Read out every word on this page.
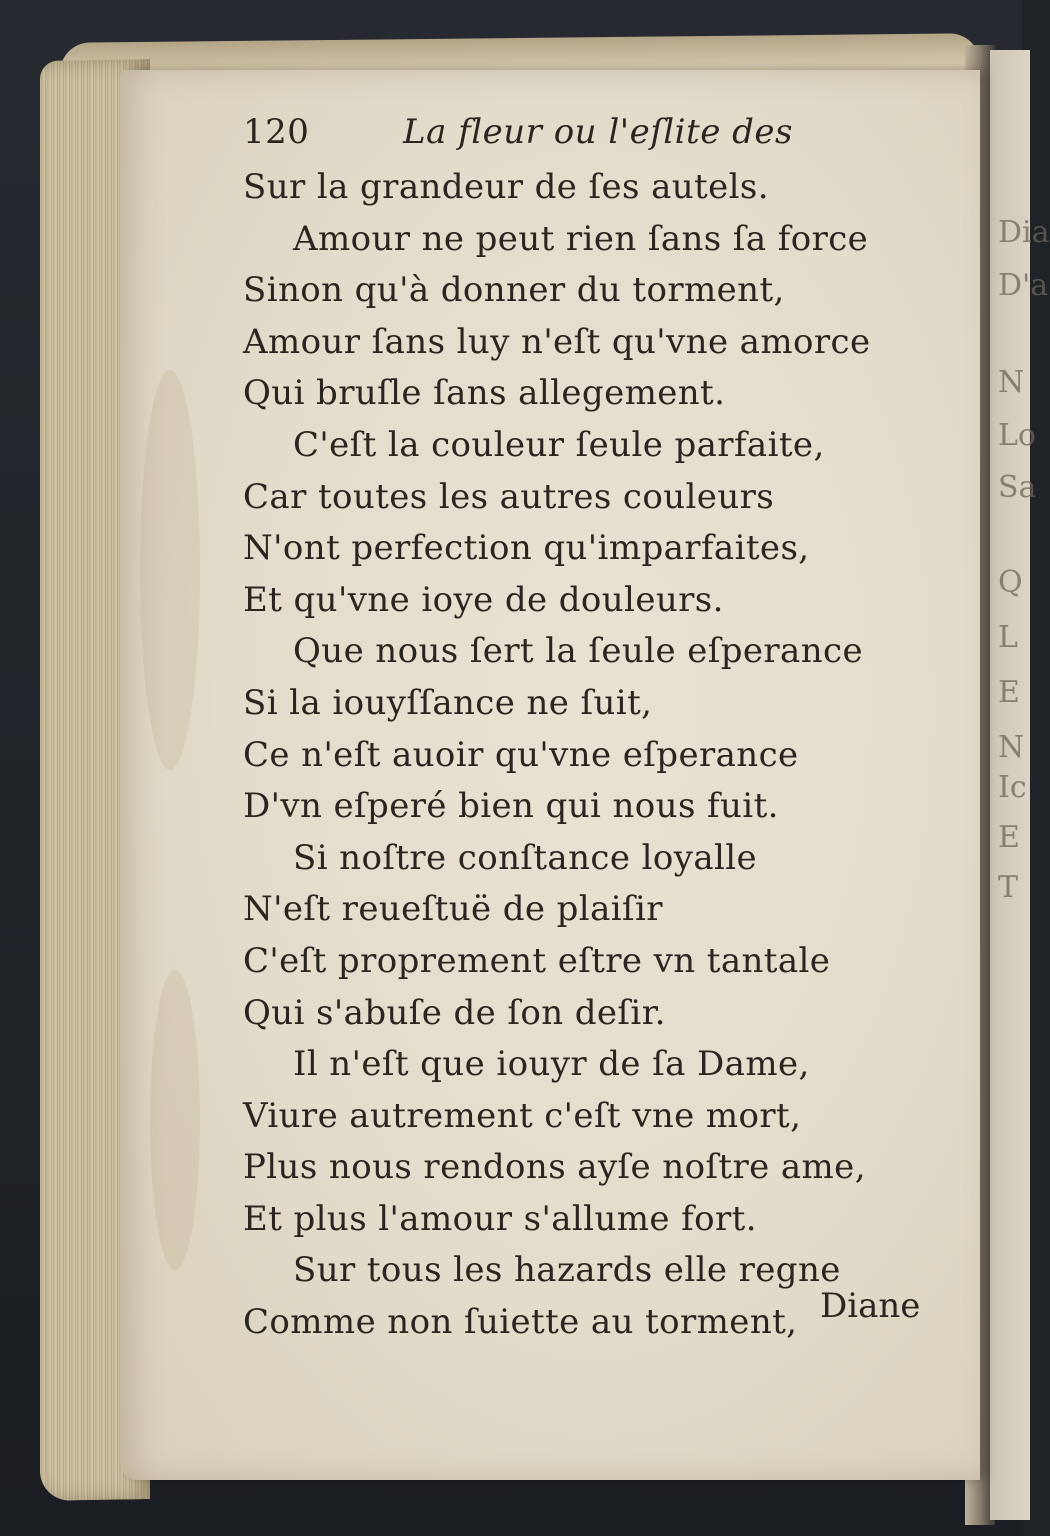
Dia
D'a
N
Lo
Sa
Q
L
E
N
Ic
E
T
120	La fleur ou l'eſlite des
Sur la grandeur de ſes autels.
Amour ne peut rien ſans ſa force
Sinon qu'à donner du torment,
Amour ſans luy n'eſt qu'vne amorce
Qui bruſle ſans allegement.
C'eſt la couleur ſeule parfaite,
Car toutes les autres couleurs
N'ont perfection qu'imparfaites,
Et qu'vne ioye de douleurs.
Que nous ſert la ſeule eſperance
Si la iouyſſance ne ſuit,
Ce n'eſt auoir qu'vne eſperance
D'vn eſperé bien qui nous fuit.
Si noſtre conſtance loyalle
N'eſt reueſtuë de plaiſir
C'eſt proprement eſtre vn tantale
Qui s'abuſe de ſon deſir.
Il n'eſt que iouyr de ſa Dame,
Viure autrement c'eſt vne mort,
Plus nous rendons ayſe noſtre ame,
Et plus l'amour s'allume fort.
Sur tous les hazards elle regne
Comme non ſuiette au torment, Diane
